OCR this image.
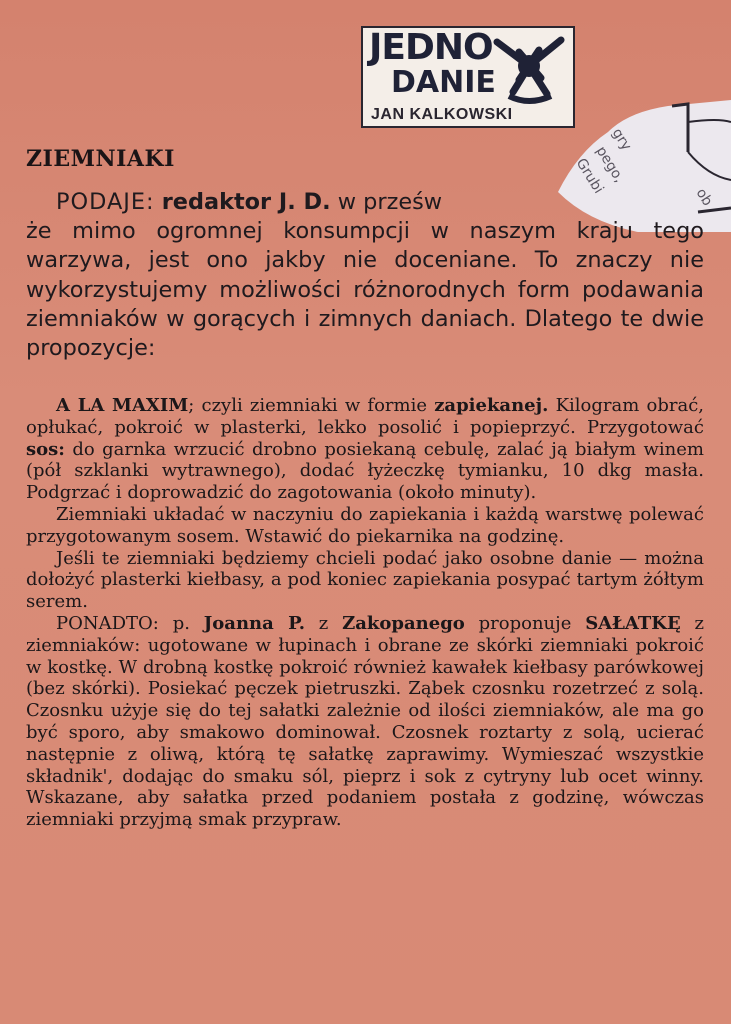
JEDNO
DANIE
JAN KALKOWSKI
gry
ob
pego,
Grubi
ZIEMNIAKI

PODAJE: redaktor J. D. w prześw

że mimo ogromnej konsumpcji w naszym kraju tego warzywa, jest ono jakby nie doceniane. To znaczy nie wykorzystujemy możliwości różnorodnych form podawania ziemniaków w gorących i zimnych daniach. Dlatego te dwie propozycje:

A LA MAXIM; czyli ziemniaki w formie zapiekanej. Kilogram obrać, opłukać, pokroić w plasterki, lekko posolić i popieprzyć. Przygotować sos: do garnka wrzucić drobno posiekaną cebulę, zalać ją białym winem (pół szklanki wytrawnego), dodać łyżeczkę tymianku, 10 dkg masła. Podgrzać i doprowadzić do zagotowania (około minuty).

Ziemniaki układać w naczyniu do zapiekania i każdą warstwę polewać przygotowanym sosem. Wstawić do piekarnika na godzinę.

Jeśli te ziemniaki będziemy chcieli podać jako osobne danie — można dołożyć plasterki kiełbasy, a pod koniec zapiekania posypać tartym żółtym serem.

PONADTO: p. Joanna P. z Zakopanego proponuje SAŁATKĘ z ziemniaków: ugotowane w łupinach i obrane ze skórki ziemniaki pokroić w kostkę. W drobną kostkę pokroić również kawałek kiełbasy parówkowej (bez skórki). Posiekać pęczek pietruszki. Ząbek czosnku rozetrzeć z solą. Czosnku użyje się do tej sałatki zależnie od ilości ziemniaków, ale ma go być sporo, aby smakowo dominował. Czosnek roztarty z solą, ucierać następnie z oliwą, którą tę sałatkę zaprawimy. Wymieszać wszystkie składnik', dodając do smaku sól, pieprz i sok z cytryny lub ocet winny. Wskazane, aby sałatka przed podaniem postała z godzinę, wówczas ziemniaki przyjmą smak przypraw.
